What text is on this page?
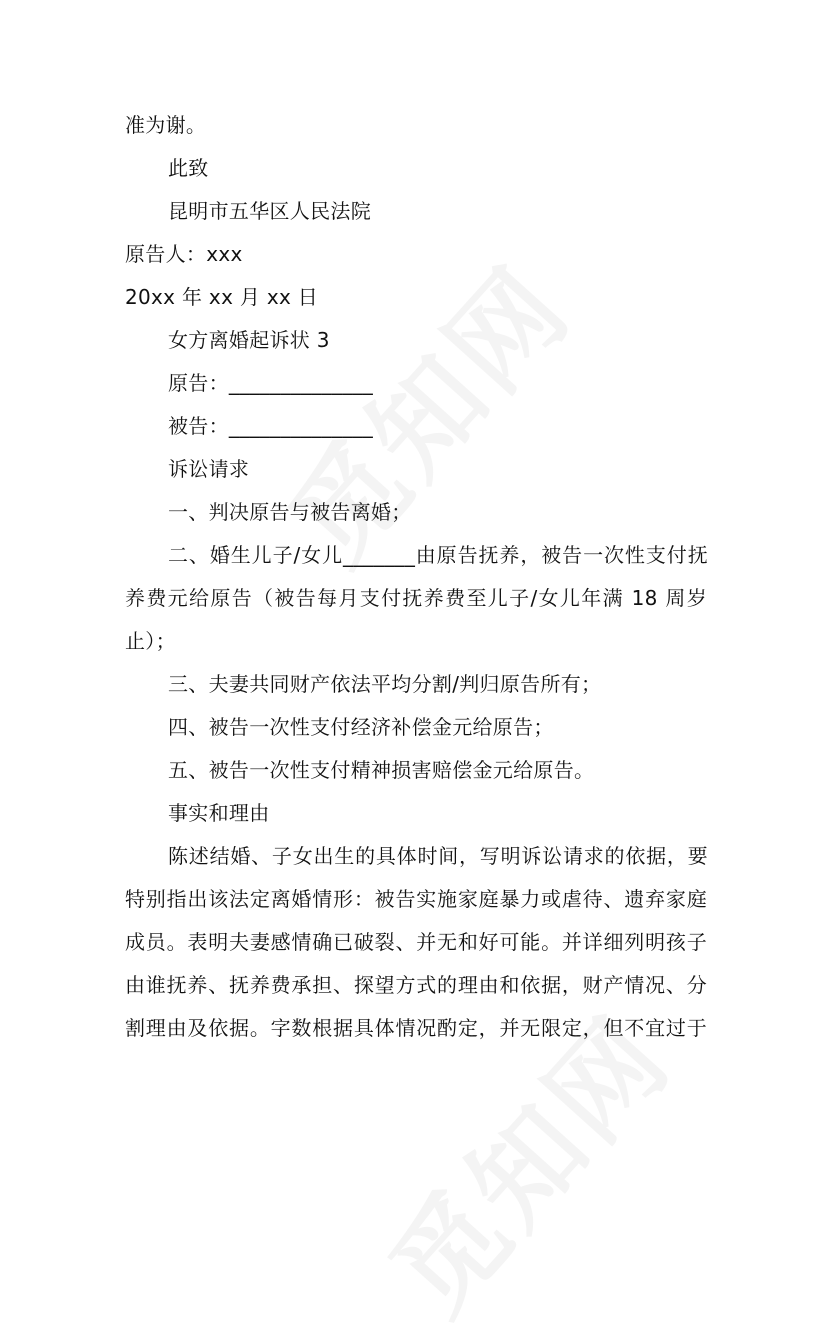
准为谢。
此致
昆明市五华区人民法院
原告人：xxx
20xx 年 xx 月 xx 日
女方离婚起诉状 3
原告：______________
被告：______________
诉讼请求
一、判决原告与被告离婚；
二、婚生儿子/女儿_______由原告抚养，被告一次性支付抚
养费元给原告（被告每月支付抚养费至儿子/女儿年满 18 周岁
止）；
三、夫妻共同财产依法平均分割/判归原告所有；
四、被告一次性支付经济补偿金元给原告；
五、被告一次性支付精神损害赔偿金元给原告。
事实和理由
陈述结婚、子女出生的具体时间，写明诉讼请求的依据，要
特别指出该法定离婚情形：被告实施家庭暴力或虐待、遗弃家庭
成员。表明夫妻感情确已破裂、并无和好可能。并详细列明孩子
由谁抚养、抚养费承担、探望方式的理由和依据，财产情况、分
割理由及依据。字数根据具体情况酌定，并无限定，但不宜过于
